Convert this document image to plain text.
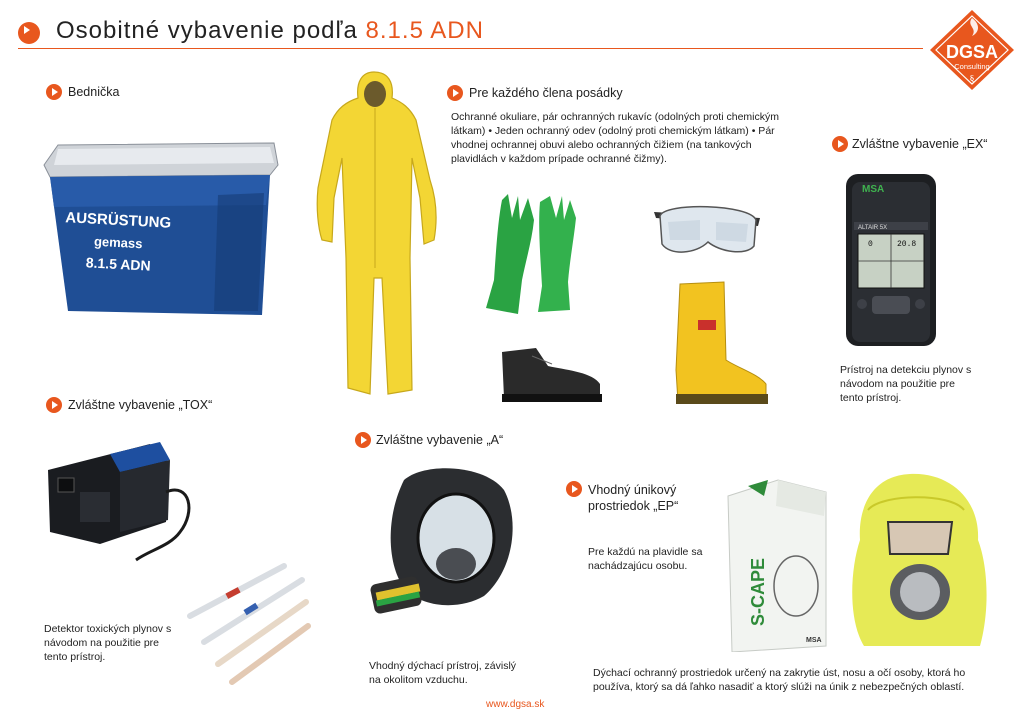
Osobitné vybavenie podľa 8.1.5 ADN
DGSA
Consulting
§
Bednička
AUSRÜSTUNG
gemass
8.1.5 ADN
Pre každého člena posádky
Ochranné okuliare, pár ochranných rukavíc (odolných proti chemickým látkam) • Jeden ochranný odev (odolný proti chemickým látkam) • Pár vhodnej ochrannej obuvi alebo ochranných čižiem (na tankových plavidlách v každom prípade ochranné čižmy).
Zvláštne vybavenie „EX“
MSA
ALTAIR 5X
20.8
0
Prístroj na detekciu plynov s návodom na použitie pre tento prístroj.
Zvláštne vybavenie „TOX“
Detektor toxických plynov s návodom na použitie pre tento prístroj.
Zvláštne vybavenie „A“
Vhodný dýchací prístroj, závislý na okolitom vzduchu.
Vhodný únikový
prostriedok „EP“
Pre každú na plavidle sa nachádzajúcu osobu.	S-CAPE
MSA
Dýchací ochranný prostriedok určený na zakrytie úst, nosu a očí osoby, ktorá ho používa, ktorý sa dá ľahko nasadiť a ktorý slúži na únik z nebezpečných oblastí.
www.dgsa.sk
